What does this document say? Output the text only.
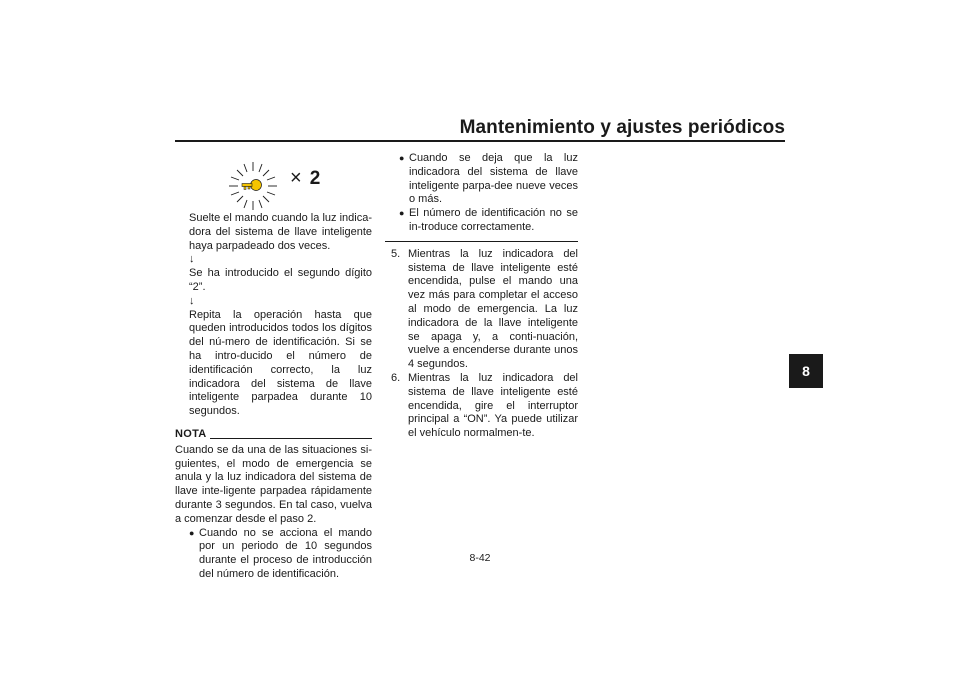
Mantenimiento y ajustes periódicos
8
× 2

Suelte el mando cuando la luz indica-dora del sistema de llave inteligente haya parpadeado dos veces.

↓

Se ha introducido el segundo dígito “2”.

↓

Repita la operación hasta que queden introducidos todos los dígitos del nú-mero de identificación. Si se ha intro-ducido el número de identificación correcto, la luz indicadora del sistema de llave inteligente parpadea durante 10 segundos.

NOTA

Cuando se da una de las situaciones si-guientes, el modo de emergencia se anula y la luz indicadora del sistema de llave inte-ligente parpadea rápidamente durante 3 segundos. En tal caso, vuelva a comenzar desde el paso 2.

● Cuando no se acciona el mando por un periodo de 10 segundos durante el proceso de introducción del número de identificación.
● Cuando se deja que la luz indicadora del sistema de llave inteligente parpa-dee nueve veces o más.
● El número de identificación no se in-troduce correctamente.
5. Mientras la luz indicadora del sistema de llave inteligente esté encendida, pulse el mando una vez más para completar el acceso al modo de emergencia. La luz indicadora de la llave inteligente se apaga y, a conti-nuación, vuelve a encenderse durante unos 4 segundos.
6. Mientras la luz indicadora del sistema de llave inteligente esté encendida, gire el interruptor principal a “ON”. Ya puede utilizar el vehículo normalmen-te.
8-42
